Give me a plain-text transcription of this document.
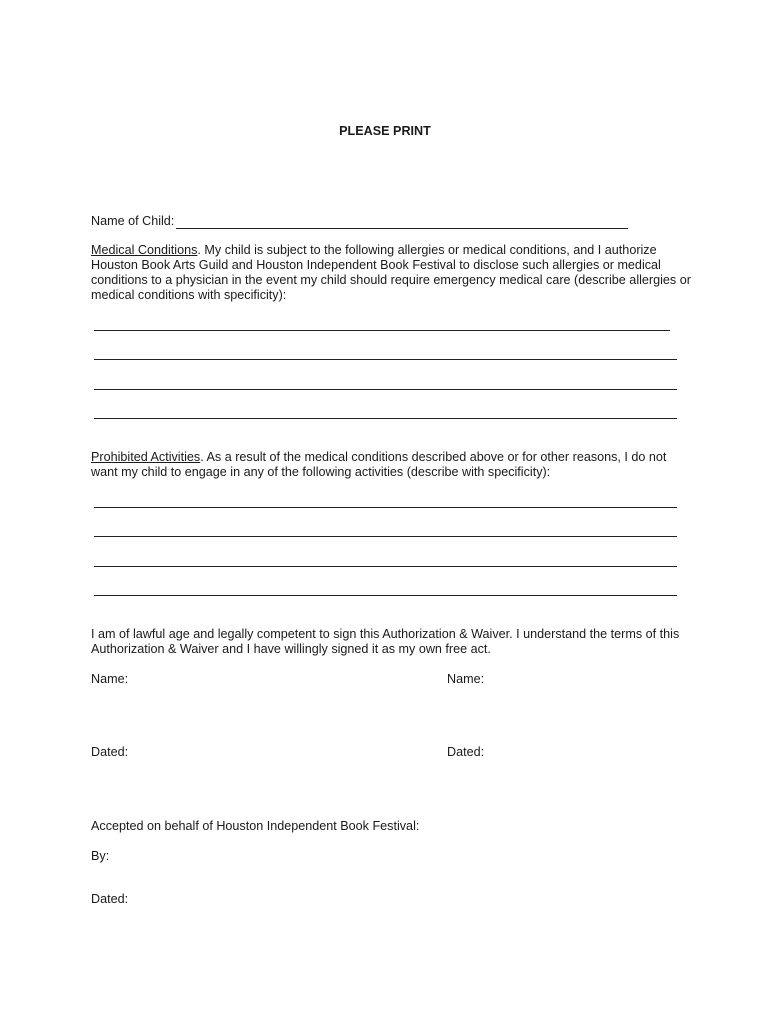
PLEASE PRINT
Name of Child:
Medical Conditions. My child is subject to the following allergies or medical conditions, and I authorize Houston Book Arts Guild and Houston Independent Book Festival to disclose such allergies or medical conditions to a physician in the event my child should require emergency medical care (describe allergies or medical conditions with specificity):
Prohibited Activities. As a result of the medical conditions described above or for other reasons, I do not want my child to engage in any of the following activities (describe with specificity):
I am of lawful age and legally competent to sign this Authorization & Waiver. I understand the terms of this Authorization & Waiver and I have willingly signed it as my own free act.
Name:	Name:
Dated:	Dated:
Accepted on behalf of Houston Independent Book Festival:
By:
Dated:
